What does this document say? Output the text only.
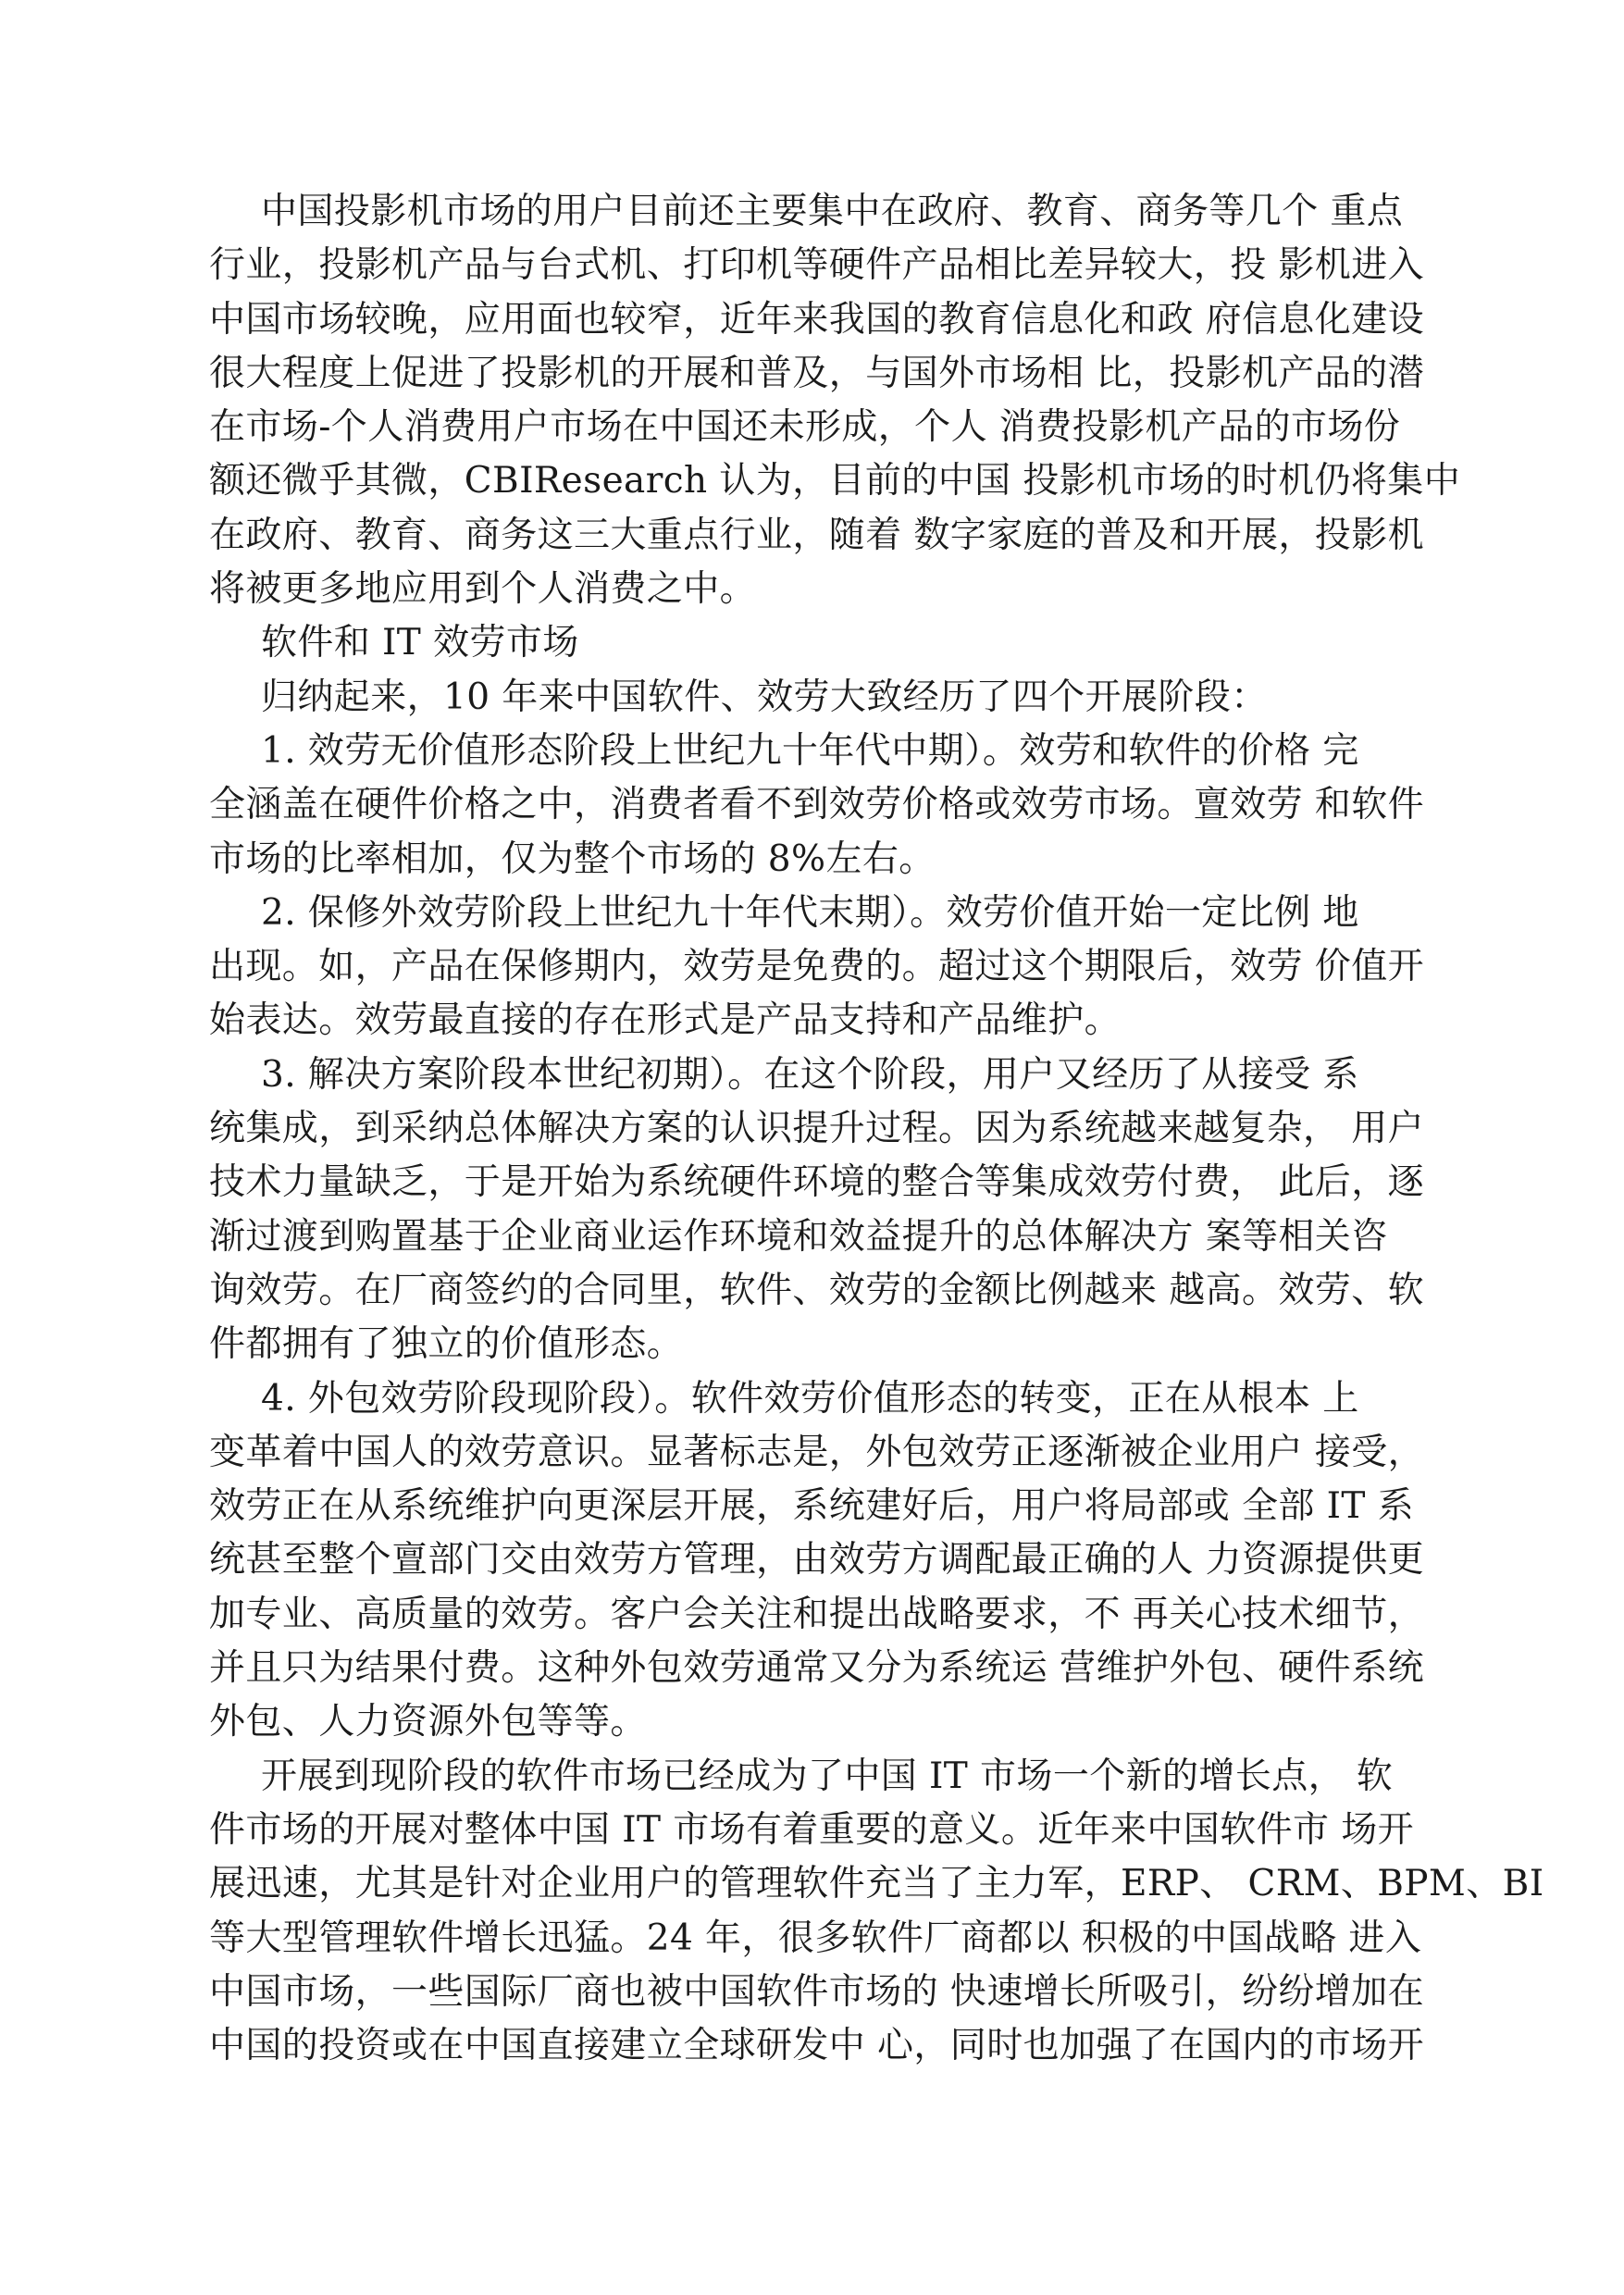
中国投影机市场的用户目前还主要集中在政府、教育、商务等几个 重点
行业，投影机产品与台式机、打印机等硬件产品相比差异较大，投 影机进入
中国市场较晚，应用面也较窄，近年来我国的教育信息化和政 府信息化建设
很大程度上促进了投影机的开展和普及，与国外市场相 比，投影机产品的潜
在市场-个人消费用户市场在中国还未形成，个人 消费投影机产品的市场份
额还微乎其微，CBIResearch 认为，目前的中国 投影机市场的时机仍将集中
在政府、教育、商务这三大重点行业，随着 数字家庭的普及和开展，投影机
将被更多地应用到个人消费之中。
软件和 IT 效劳市场
归纳起来，10 年来中国软件、效劳大致经历了四个开展阶段：
1. 效劳无价值形态阶段上世纪九十年代中期）。效劳和软件的价格 完
全涵盖在硬件价格之中，消费者看不到效劳价格或效劳市场。亶效劳 和软件
市场的比率相加，仅为整个市场的 8%左右。
2. 保修外效劳阶段上世纪九十年代末期）。效劳价值开始一定比例 地
出现。如，产品在保修期内，效劳是免费的。超过这个期限后，效劳 价值开
始表达。效劳最直接的存在形式是产品支持和产品维护。
3. 解决方案阶段本世纪初期）。在这个阶段，用户又经历了从接受 系
统集成，到采纳总体解决方案的认识提升过程。因为系统越来越复杂， 用户
技术力量缺乏，于是开始为系统硬件环境的整合等集成效劳付费， 此后，逐
渐过渡到购置基于企业商业运作环境和效益提升的总体解决方 案等相关咨
询效劳。在厂商签约的合同里，软件、效劳的金额比例越来 越高。效劳、软
件都拥有了独立的价值形态。
4. 外包效劳阶段现阶段）。软件效劳价值形态的转变，正在从根本 上
变革着中国人的效劳意识。显著标志是，外包效劳正逐渐被企业用户 接受，
效劳正在从系统维护向更深层开展，系统建好后，用户将局部或 全部 IT 系
统甚至整个亶部门交由效劳方管理，由效劳方调配最正确的人 力资源提供更
加专业、高质量的效劳。客户会关注和提出战略要求，不 再关心技术细节，
并且只为结果付费。这种外包效劳通常又分为系统运 营维护外包、硬件系统
外包、人力资源外包等等。
开展到现阶段的软件市场已经成为了中国 IT 市场一个新的增长点， 软
件市场的开展对整体中国 IT 市场有着重要的意义。近年来中国软件市 场开
展迅速，尤其是针对企业用户的管理软件充当了主力军，ERP、 CRM、BPM、BI
等大型管理软件增长迅猛。24 年，很多软件厂商都以 积极的中国战略 进入
中国市场，一些国际厂商也被中国软件市场的 快速增长所吸引，纷纷增加在
中国的投资或在中国直接建立全球研发中 心，同时也加强了在国内的市场开
